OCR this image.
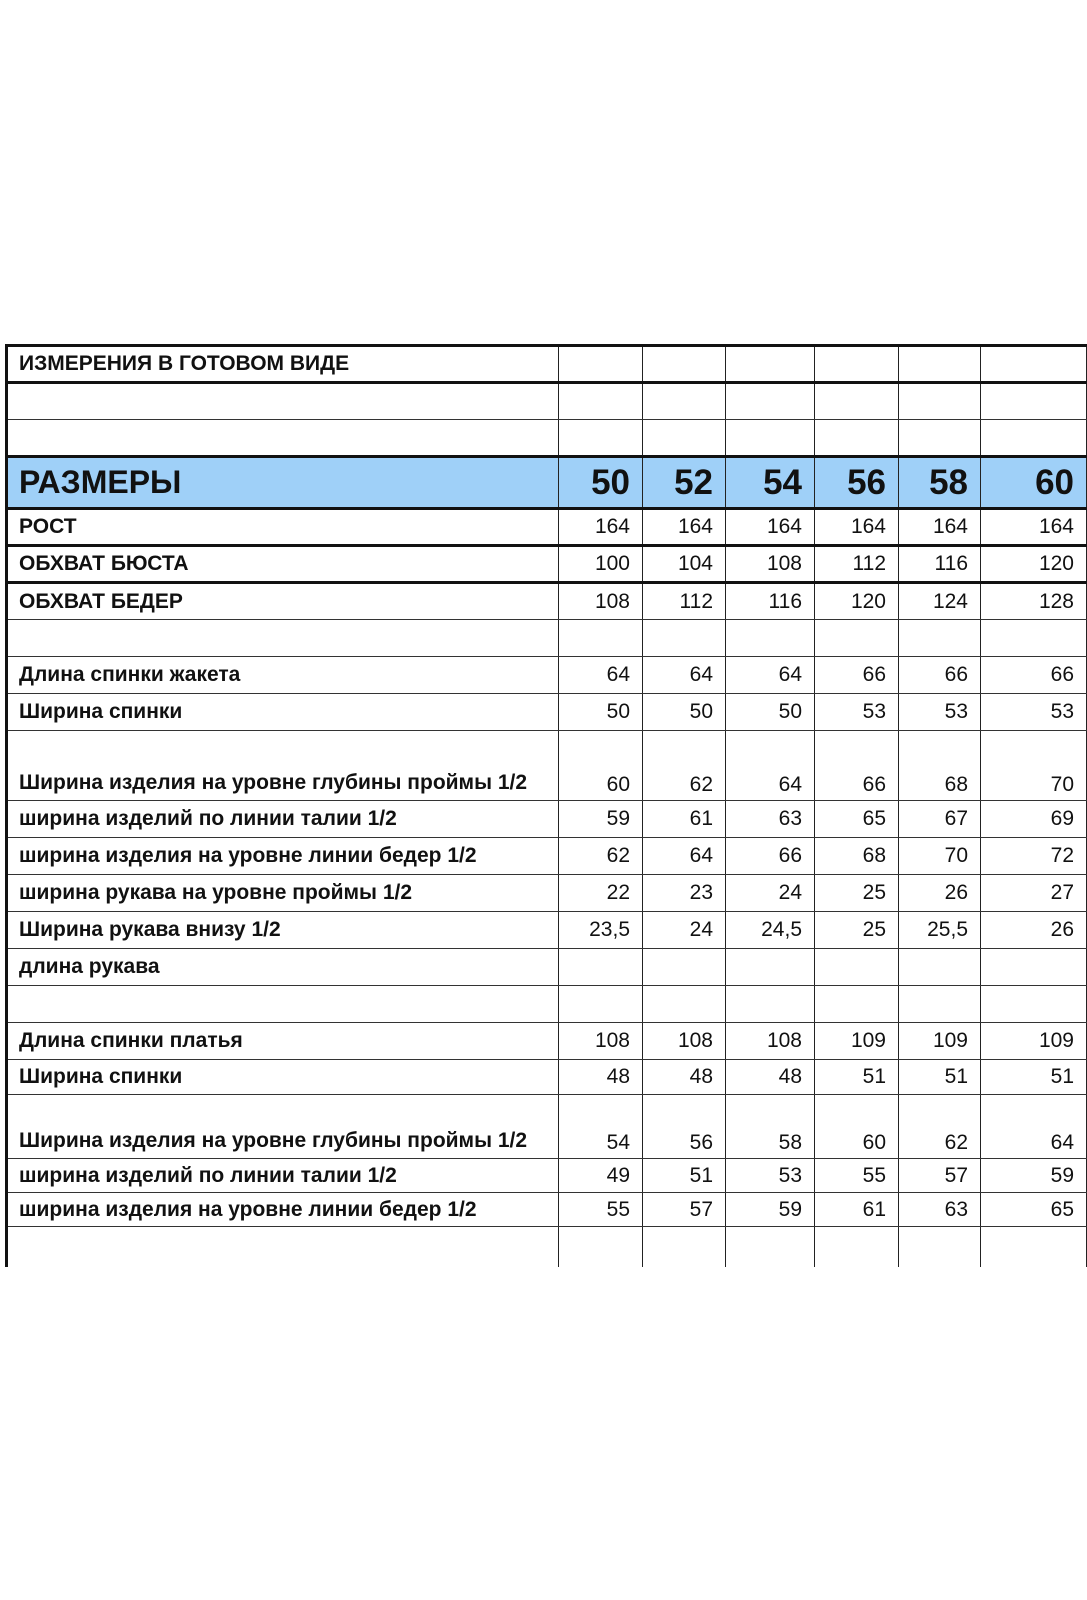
ИЗМЕРЕНИЯ В ГОТОВОМ ВИДЕ						

РАЗМЕРЫ	50	52	54	56	58	60
РОСТ	164	164	164	164	164	164
ОБХВАТ БЮСТА	100	104	108	112	116	120
ОБХВАТ БЕДЕР	108	112	116	120	124	128

Длина спинки жакета	64	64	64	66	66	66
Ширина спинки	50	50	50	53	53	53
Ширина изделия на уровне глубины проймы 1/2	60	62	64	66	68	70
ширина изделий по линии талии 1/2	59	61	63	65	67	69
ширина изделия на уровне линии бедер 1/2	62	64	66	68	70	72
ширина рукава на уровне проймы 1/2	22	23	24	25	26	27
Ширина рукава внизу 1/2	23,5	24	24,5	25	25,5	26
длина рукава						

Длина спинки платья	108	108	108	109	109	109
Ширина спинки	48	48	48	51	51	51
Ширина изделия на уровне глубины проймы 1/2	54	56	58	60	62	64
ширина изделий по линии талии 1/2	49	51	53	55	57	59
ширина изделия на уровне линии бедер 1/2	55	57	59	61	63	65
